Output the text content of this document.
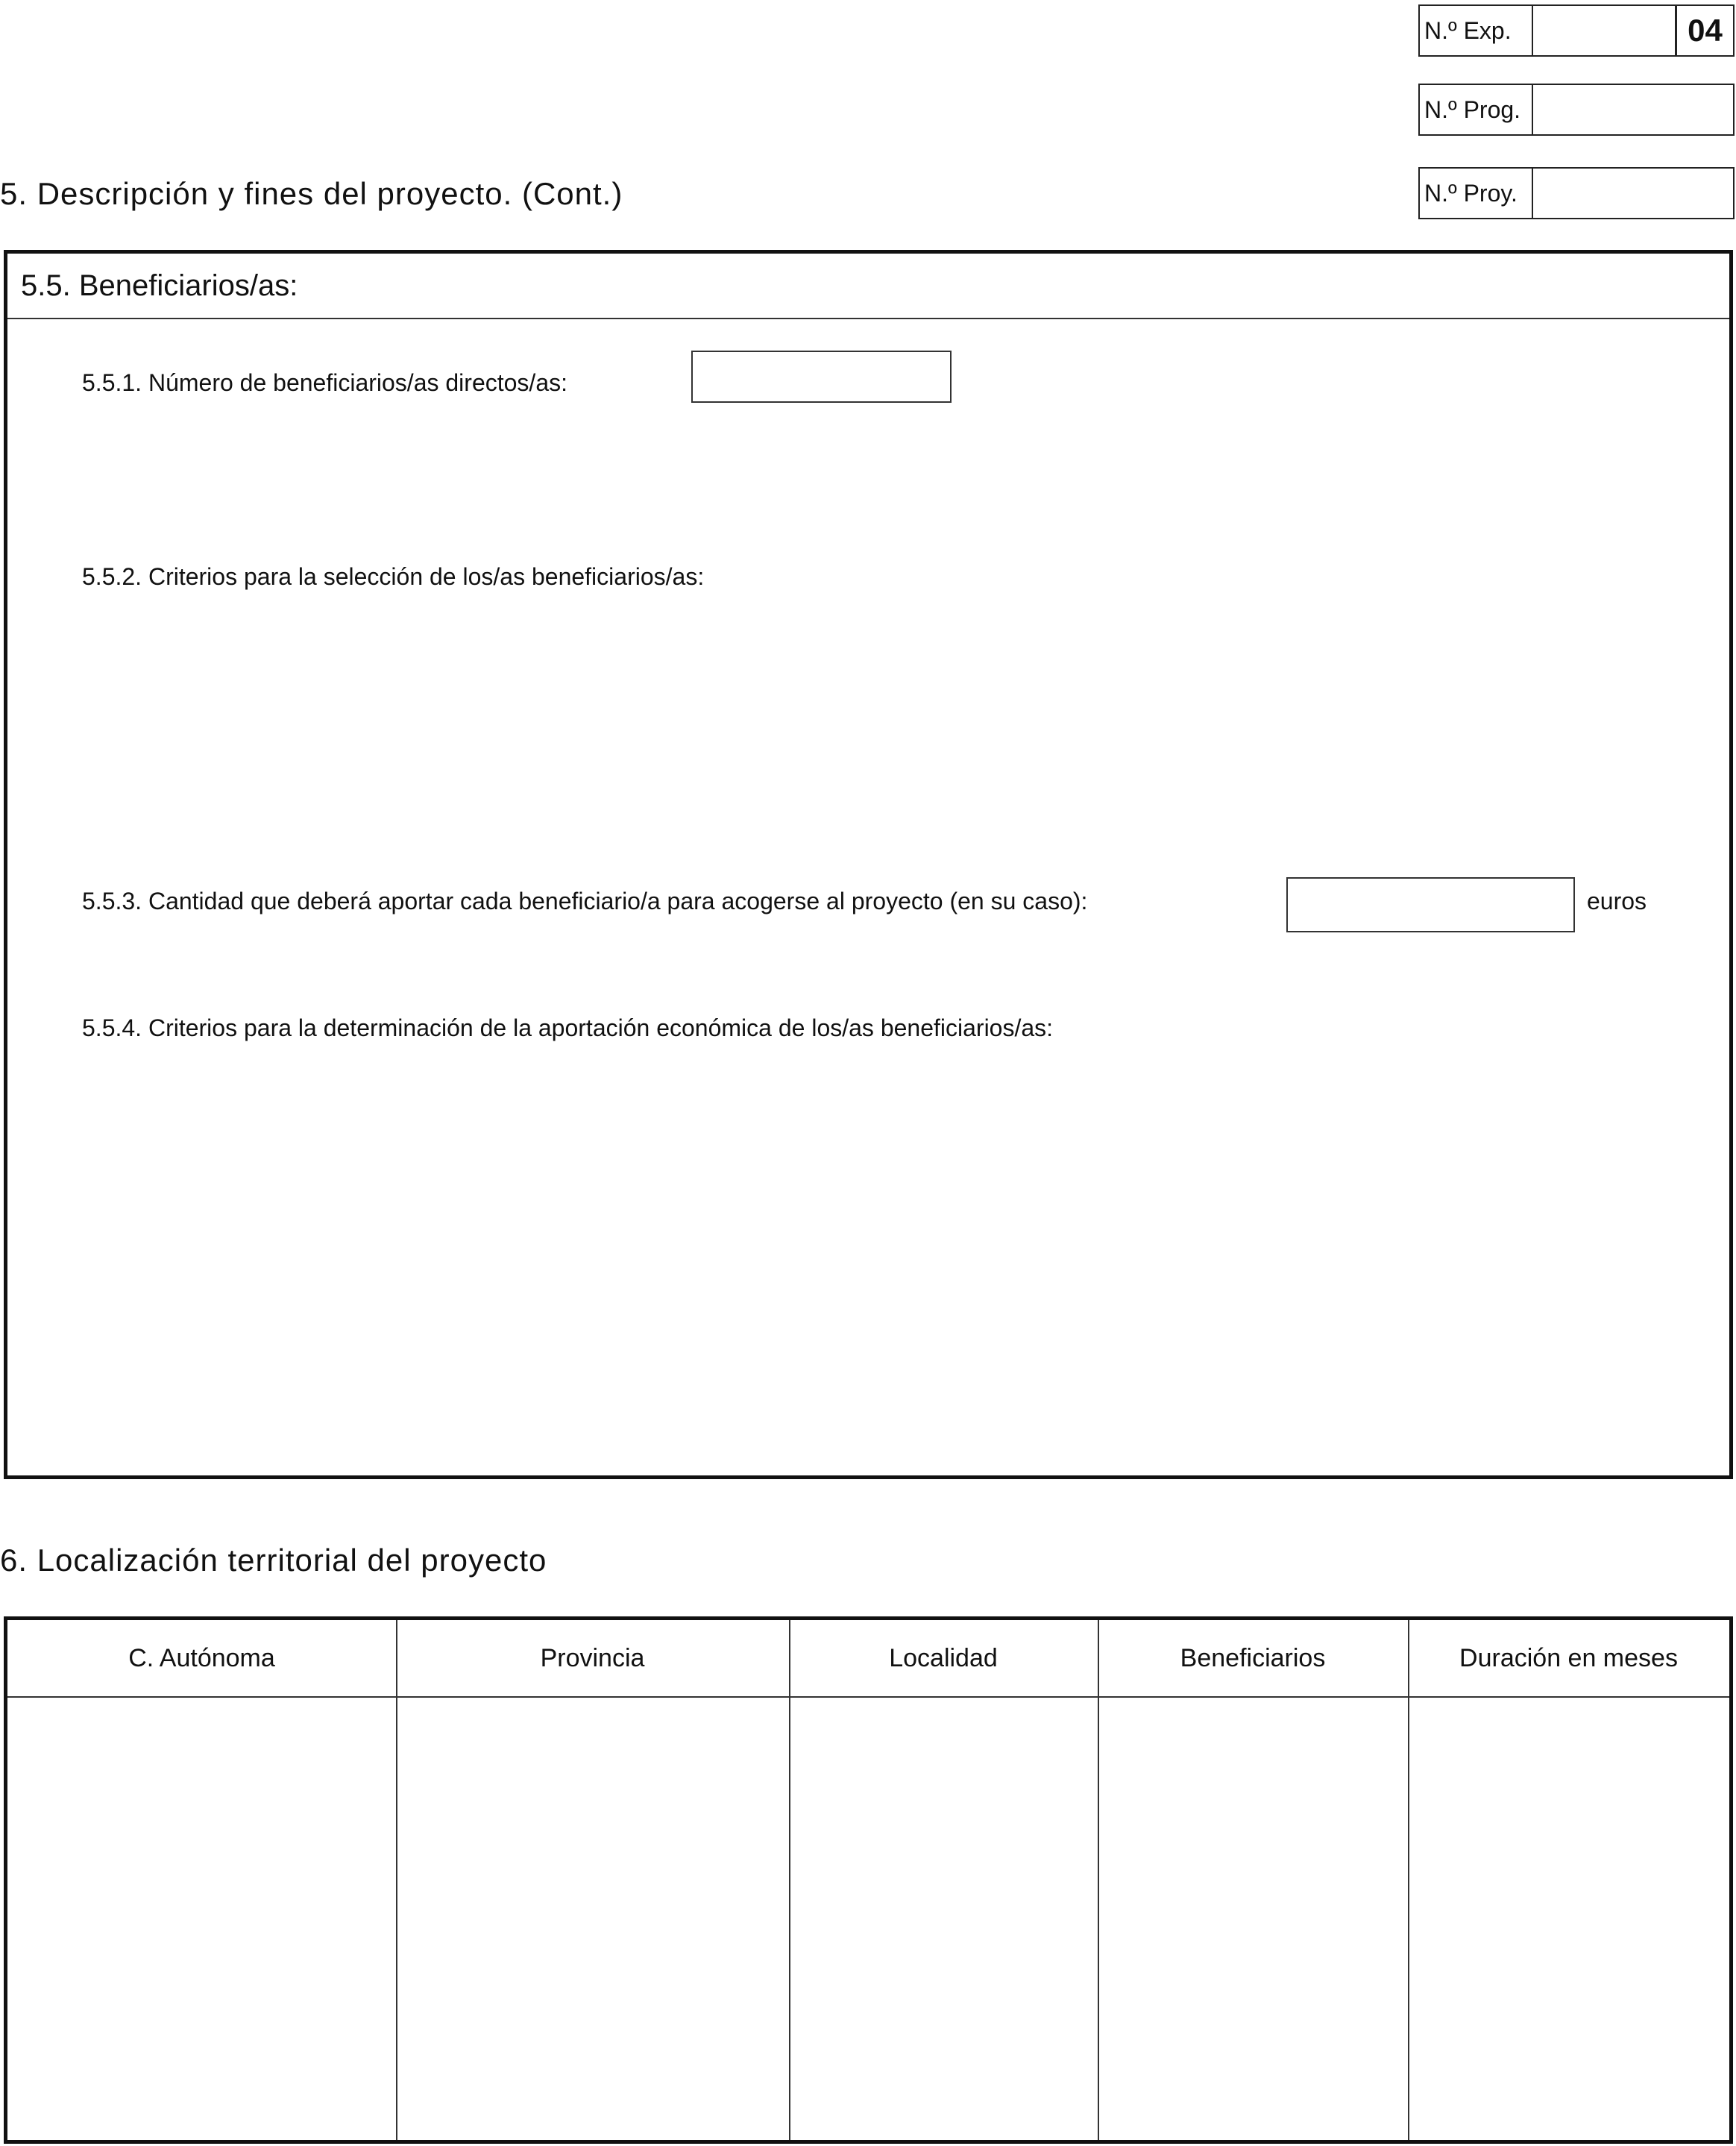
N.º Exp.	04
N.º Prog.
N.º Proy.
5. Descripción y fines del proyecto. (Cont.)
5.5. Beneficiarios/as:
5.5.1. Número de beneficiarios/as directos/as:
5.5.2. Criterios para la selección de los/as beneficiarios/as:
5.5.3. Cantidad que deberá aportar cada beneficiario/a para acogerse al proyecto (en su caso):	euros
5.5.4. Criterios para la determinación de la aportación económica de los/as beneficiarios/as:
6. Localización territorial del proyecto
C. Autónoma	Provincia	Localidad	Beneficiarios	Duración en meses
